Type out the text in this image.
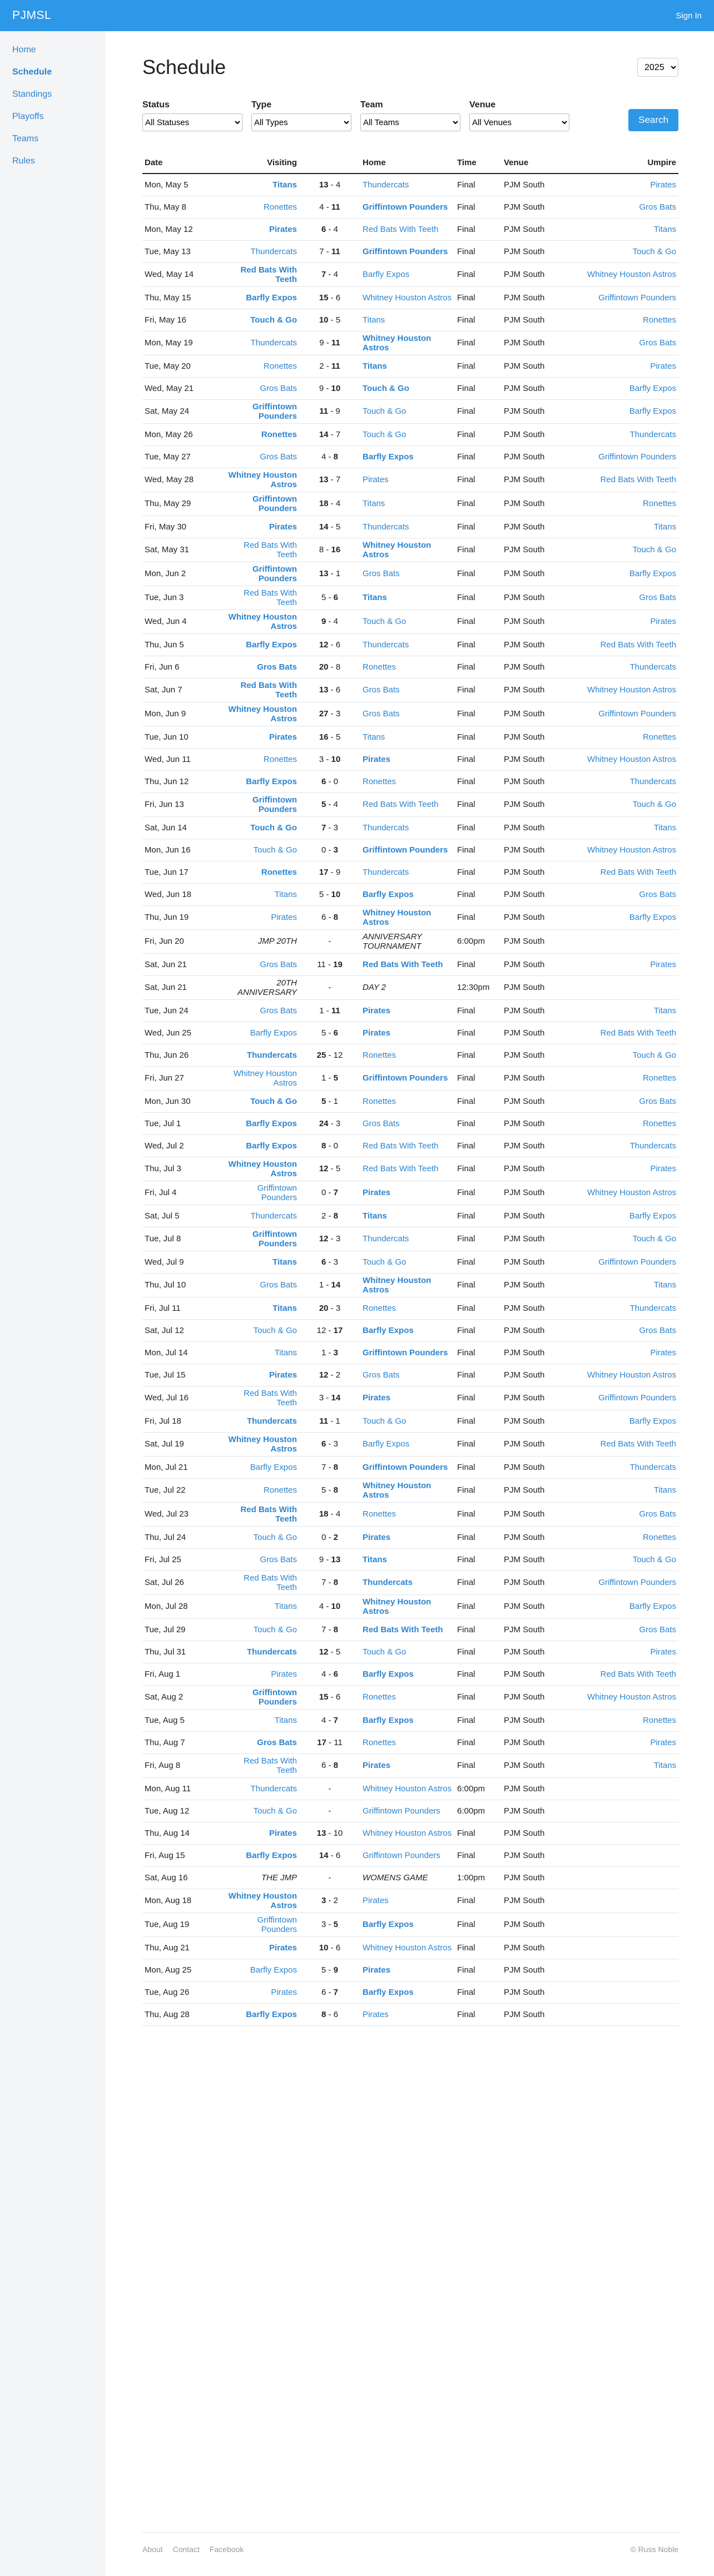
PJMSL	Sign In
Home
Schedule
Standings
Playoffs
Teams
Rules
Schedule
2025
Status
All Statuses	Type
All Types	Team
All Teams	Venue
All Venues
Search
Date	Visiting		Home	Time	Venue	Umpire
Mon, May 5	Titans	13 - 4	Thundercats	Final	PJM South	Pirates
Thu, May 8	Ronettes	4 - 11	Griffintown Pounders	Final	PJM South	Gros Bats
Mon, May 12	Pirates	6 - 4	Red Bats With Teeth	Final	PJM South	Titans
Tue, May 13	Thundercats	7 - 11	Griffintown Pounders	Final	PJM South	Touch & Go
Wed, May 14	Red Bats With Teeth	7 - 4	Barfly Expos	Final	PJM South	Whitney Houston Astros
Thu, May 15	Barfly Expos	15 - 6	Whitney Houston Astros	Final	PJM South	Griffintown Pounders
Fri, May 16	Touch & Go	10 - 5	Titans	Final	PJM South	Ronettes
Mon, May 19	Thundercats	9 - 11	Whitney Houston Astros	Final	PJM South	Gros Bats
Tue, May 20	Ronettes	2 - 11	Titans	Final	PJM South	Pirates
Wed, May 21	Gros Bats	9 - 10	Touch & Go	Final	PJM South	Barfly Expos
Sat, May 24	Griffintown Pounders	11 - 9	Touch & Go	Final	PJM South	Barfly Expos
Mon, May 26	Ronettes	14 - 7	Touch & Go	Final	PJM South	Thundercats
Tue, May 27	Gros Bats	4 - 8	Barfly Expos	Final	PJM South	Griffintown Pounders
Wed, May 28	Whitney Houston Astros	13 - 7	Pirates	Final	PJM South	Red Bats With Teeth
Thu, May 29	Griffintown Pounders	18 - 4	Titans	Final	PJM South	Ronettes
Fri, May 30	Pirates	14 - 5	Thundercats	Final	PJM South	Titans
Sat, May 31	Red Bats With Teeth	8 - 16	Whitney Houston Astros	Final	PJM South	Touch & Go
Mon, Jun 2	Griffintown Pounders	13 - 1	Gros Bats	Final	PJM South	Barfly Expos
Tue, Jun 3	Red Bats With Teeth	5 - 6	Titans	Final	PJM South	Gros Bats
Wed, Jun 4	Whitney Houston Astros	9 - 4	Touch & Go	Final	PJM South	Pirates
Thu, Jun 5	Barfly Expos	12 - 6	Thundercats	Final	PJM South	Red Bats With Teeth
Fri, Jun 6	Gros Bats	20 - 8	Ronettes	Final	PJM South	Thundercats
Sat, Jun 7	Red Bats With Teeth	13 - 6	Gros Bats	Final	PJM South	Whitney Houston Astros
Mon, Jun 9	Whitney Houston Astros	27 - 3	Gros Bats	Final	PJM South	Griffintown Pounders
Tue, Jun 10	Pirates	16 - 5	Titans	Final	PJM South	Ronettes
Wed, Jun 11	Ronettes	3 - 10	Pirates	Final	PJM South	Whitney Houston Astros
Thu, Jun 12	Barfly Expos	6 - 0	Ronettes	Final	PJM South	Thundercats
Fri, Jun 13	Griffintown Pounders	5 - 4	Red Bats With Teeth	Final	PJM South	Touch & Go
Sat, Jun 14	Touch & Go	7 - 3	Thundercats	Final	PJM South	Titans
Mon, Jun 16	Touch & Go	0 - 3	Griffintown Pounders	Final	PJM South	Whitney Houston Astros
Tue, Jun 17	Ronettes	17 - 9	Thundercats	Final	PJM South	Red Bats With Teeth
Wed, Jun 18	Titans	5 - 10	Barfly Expos	Final	PJM South	Gros Bats
Thu, Jun 19	Pirates	6 - 8	Whitney Houston Astros	Final	PJM South	Barfly Expos
Fri, Jun 20	JMP 20TH	-	ANNIVERSARY TOURNAMENT	6:00pm	PJM South	
Sat, Jun 21	Gros Bats	11 - 19	Red Bats With Teeth	Final	PJM South	Pirates
Sat, Jun 21	20TH ANNIVERSARY	-	DAY 2	12:30pm	PJM South	
Tue, Jun 24	Gros Bats	1 - 11	Pirates	Final	PJM South	Titans
Wed, Jun 25	Barfly Expos	5 - 6	Pirates	Final	PJM South	Red Bats With Teeth
Thu, Jun 26	Thundercats	25 - 12	Ronettes	Final	PJM South	Touch & Go
Fri, Jun 27	Whitney Houston Astros	1 - 5	Griffintown Pounders	Final	PJM South	Ronettes
Mon, Jun 30	Touch & Go	5 - 1	Ronettes	Final	PJM South	Gros Bats
Tue, Jul 1	Barfly Expos	24 - 3	Gros Bats	Final	PJM South	Ronettes
Wed, Jul 2	Barfly Expos	8 - 0	Red Bats With Teeth	Final	PJM South	Thundercats
Thu, Jul 3	Whitney Houston Astros	12 - 5	Red Bats With Teeth	Final	PJM South	Pirates
Fri, Jul 4	Griffintown Pounders	0 - 7	Pirates	Final	PJM South	Whitney Houston Astros
Sat, Jul 5	Thundercats	2 - 8	Titans	Final	PJM South	Barfly Expos
Tue, Jul 8	Griffintown Pounders	12 - 3	Thundercats	Final	PJM South	Touch & Go
Wed, Jul 9	Titans	6 - 3	Touch & Go	Final	PJM South	Griffintown Pounders
Thu, Jul 10	Gros Bats	1 - 14	Whitney Houston Astros	Final	PJM South	Titans
Fri, Jul 11	Titans	20 - 3	Ronettes	Final	PJM South	Thundercats
Sat, Jul 12	Touch & Go	12 - 17	Barfly Expos	Final	PJM South	Gros Bats
Mon, Jul 14	Titans	1 - 3	Griffintown Pounders	Final	PJM South	Pirates
Tue, Jul 15	Pirates	12 - 2	Gros Bats	Final	PJM South	Whitney Houston Astros
Wed, Jul 16	Red Bats With Teeth	3 - 14	Pirates	Final	PJM South	Griffintown Pounders
Fri, Jul 18	Thundercats	11 - 1	Touch & Go	Final	PJM South	Barfly Expos
Sat, Jul 19	Whitney Houston Astros	6 - 3	Barfly Expos	Final	PJM South	Red Bats With Teeth
Mon, Jul 21	Barfly Expos	7 - 8	Griffintown Pounders	Final	PJM South	Thundercats
Tue, Jul 22	Ronettes	5 - 8	Whitney Houston Astros	Final	PJM South	Titans
Wed, Jul 23	Red Bats With Teeth	18 - 4	Ronettes	Final	PJM South	Gros Bats
Thu, Jul 24	Touch & Go	0 - 2	Pirates	Final	PJM South	Ronettes
Fri, Jul 25	Gros Bats	9 - 13	Titans	Final	PJM South	Touch & Go
Sat, Jul 26	Red Bats With Teeth	7 - 8	Thundercats	Final	PJM South	Griffintown Pounders
Mon, Jul 28	Titans	4 - 10	Whitney Houston Astros	Final	PJM South	Barfly Expos
Tue, Jul 29	Touch & Go	7 - 8	Red Bats With Teeth	Final	PJM South	Gros Bats
Thu, Jul 31	Thundercats	12 - 5	Touch & Go	Final	PJM South	Pirates
Fri, Aug 1	Pirates	4 - 6	Barfly Expos	Final	PJM South	Red Bats With Teeth
Sat, Aug 2	Griffintown Pounders	15 - 6	Ronettes	Final	PJM South	Whitney Houston Astros
Tue, Aug 5	Titans	4 - 7	Barfly Expos	Final	PJM South	Ronettes
Thu, Aug 7	Gros Bats	17 - 11	Ronettes	Final	PJM South	Pirates
Fri, Aug 8	Red Bats With Teeth	6 - 8	Pirates	Final	PJM South	Titans
Mon, Aug 11	Thundercats	-	Whitney Houston Astros	6:00pm	PJM South	
Tue, Aug 12	Touch & Go	-	Griffintown Pounders	6:00pm	PJM South	
Thu, Aug 14	Pirates	13 - 10	Whitney Houston Astros	Final	PJM South	
Fri, Aug 15	Barfly Expos	14 - 6	Griffintown Pounders	Final	PJM South	
Sat, Aug 16	THE JMP	-	WOMENS GAME	1:00pm	PJM South	
Mon, Aug 18	Whitney Houston Astros	3 - 2	Pirates	Final	PJM South	
Tue, Aug 19	Griffintown Pounders	3 - 5	Barfly Expos	Final	PJM South	
Thu, Aug 21	Pirates	10 - 6	Whitney Houston Astros	Final	PJM South	
Mon, Aug 25	Barfly Expos	5 - 9	Pirates	Final	PJM South	
Tue, Aug 26	Pirates	6 - 7	Barfly Expos	Final	PJM South	
Thu, Aug 28	Barfly Expos	8 - 6	Pirates	Final	PJM South	
About Contact Facebook	© Russ Noble
